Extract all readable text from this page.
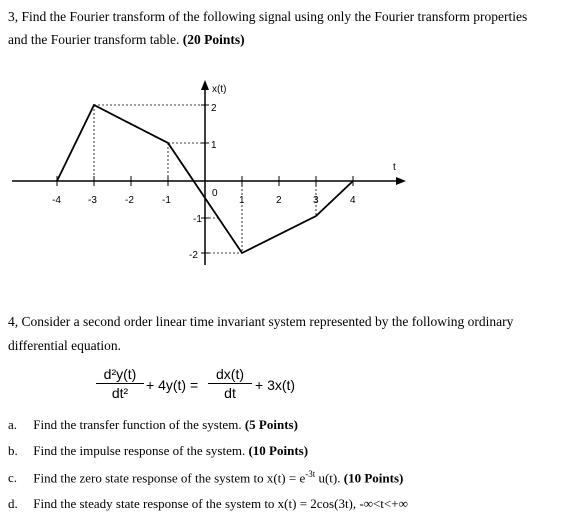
3, Find the Fourier transform of the following signal using only the Fourier transform properties
and the Fourier transform table. (20 Points)
x(t)
t
-4	-3	-2	-1
0
1	2	3	4
2
1
-1
-2
4, Consider a second order linear time invariant system represented by the following ordinary
differential equation.
d²y(t)
dt²	+ 4y(t) =
dx(t)
dt	+ 3x(t)
a. Find the transfer function of the system. (5 Points)
b. Find the impulse response of the system. (10 Points)
c. Find the zero state response of the system to $x(t) = e^{-3t}$ u(t). (10 Points)
d. Find the steady state response of the system to x(t) = 2cos(3t), -∞<t<+∞
